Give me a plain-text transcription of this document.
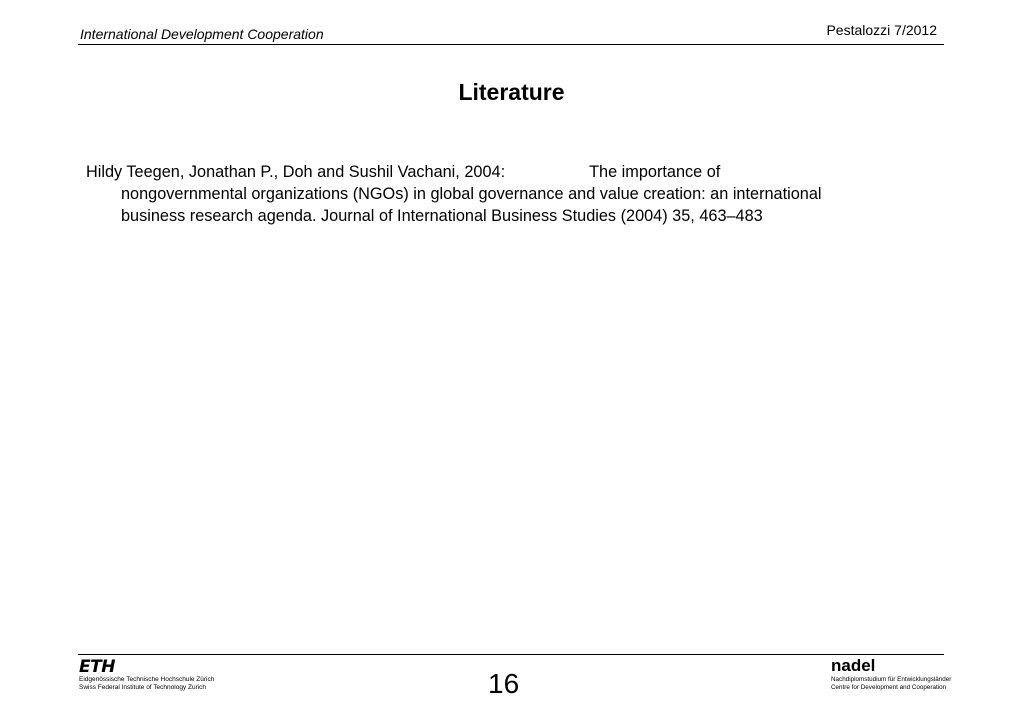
International Development Cooperation	Pestalozzi 7/2012
Literature
Hildy Teegen, Jonathan P., Doh and Sushil Vachani, 2004:	The importance of
nongovernmental organizations (NGOs) in global governance and value creation: an international
business research agenda. Journal of International Business Studies (2004) 35, 463–483
ETH
Eidgenössische Technische Hochschule Zürich
Swiss Federal Institute of Technology Zurich	16
nadel
Nachdiplomstudium für Entwicklungsländer
Centre for Development and Cooperation
